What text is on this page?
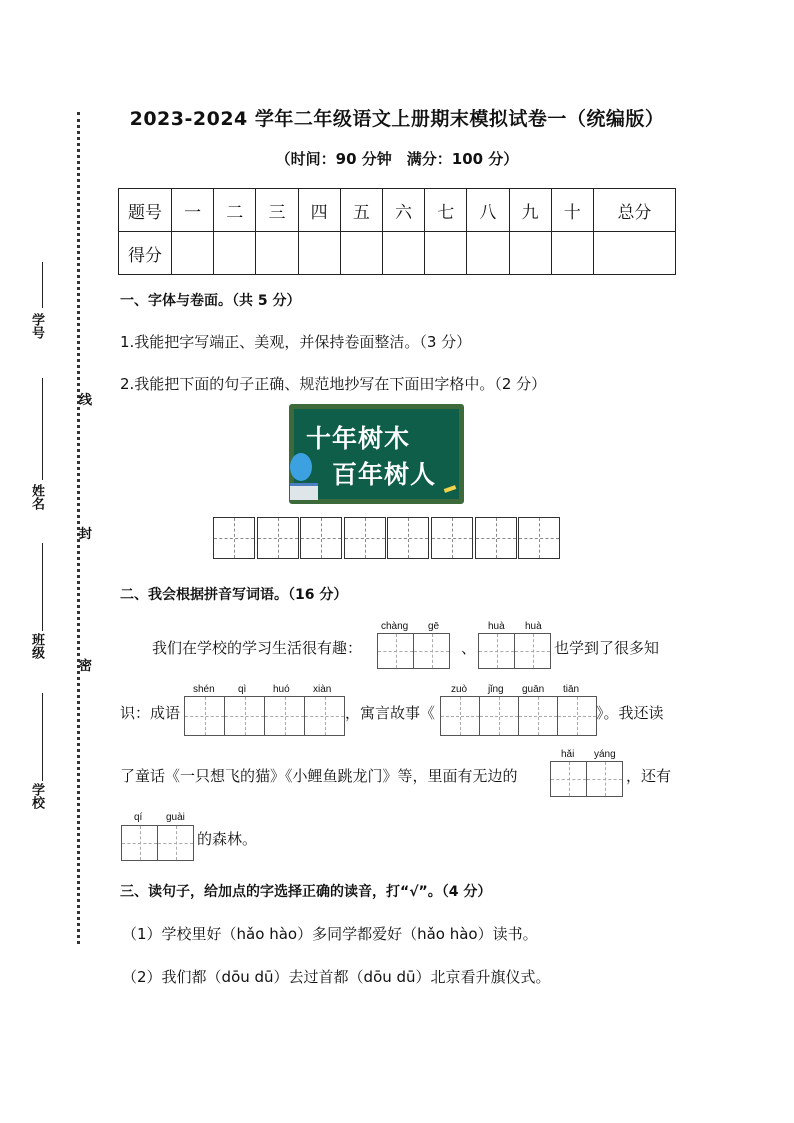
学号
姓名
班级
学校
线
封
密
2023-2024 学年二年级语文上册期末模拟试卷一（统编版）
（时间：90 分钟　满分：100 分）
题号	一	二	三	四	五	六	七	八	九	十	总分
得分											
一、字体与卷面。（共 5 分）
1.我能把字写端正、美观，并保持卷面整洁。（3 分）
2.我能把下面的句子正确、规范地抄写在下面田字格中。（2 分）
十年树木
百年树人
二、我会根据拼音写词语。（16 分）
我们在学校的学习生活很有趣：
chàng gē
、
huà huà
也学到了很多知
识：成语
shén qì	huó xiàn
，寓言故事《
zuò jǐng guān tiān
》。我还读
了童话《一只想飞的猫》《小鲤鱼跳龙门》等，里面有无边的
hǎi yáng
，还有
qí guài
的森林。
三、读句子，给加点的字选择正确的读音，打“√”。（4 分）
（1）学校里好（hǎo hào）多同学都爱好（hǎo hào）读书。
（2）我们都（dōu dū）去过首都（dōu dū）北京看升旗仪式。
